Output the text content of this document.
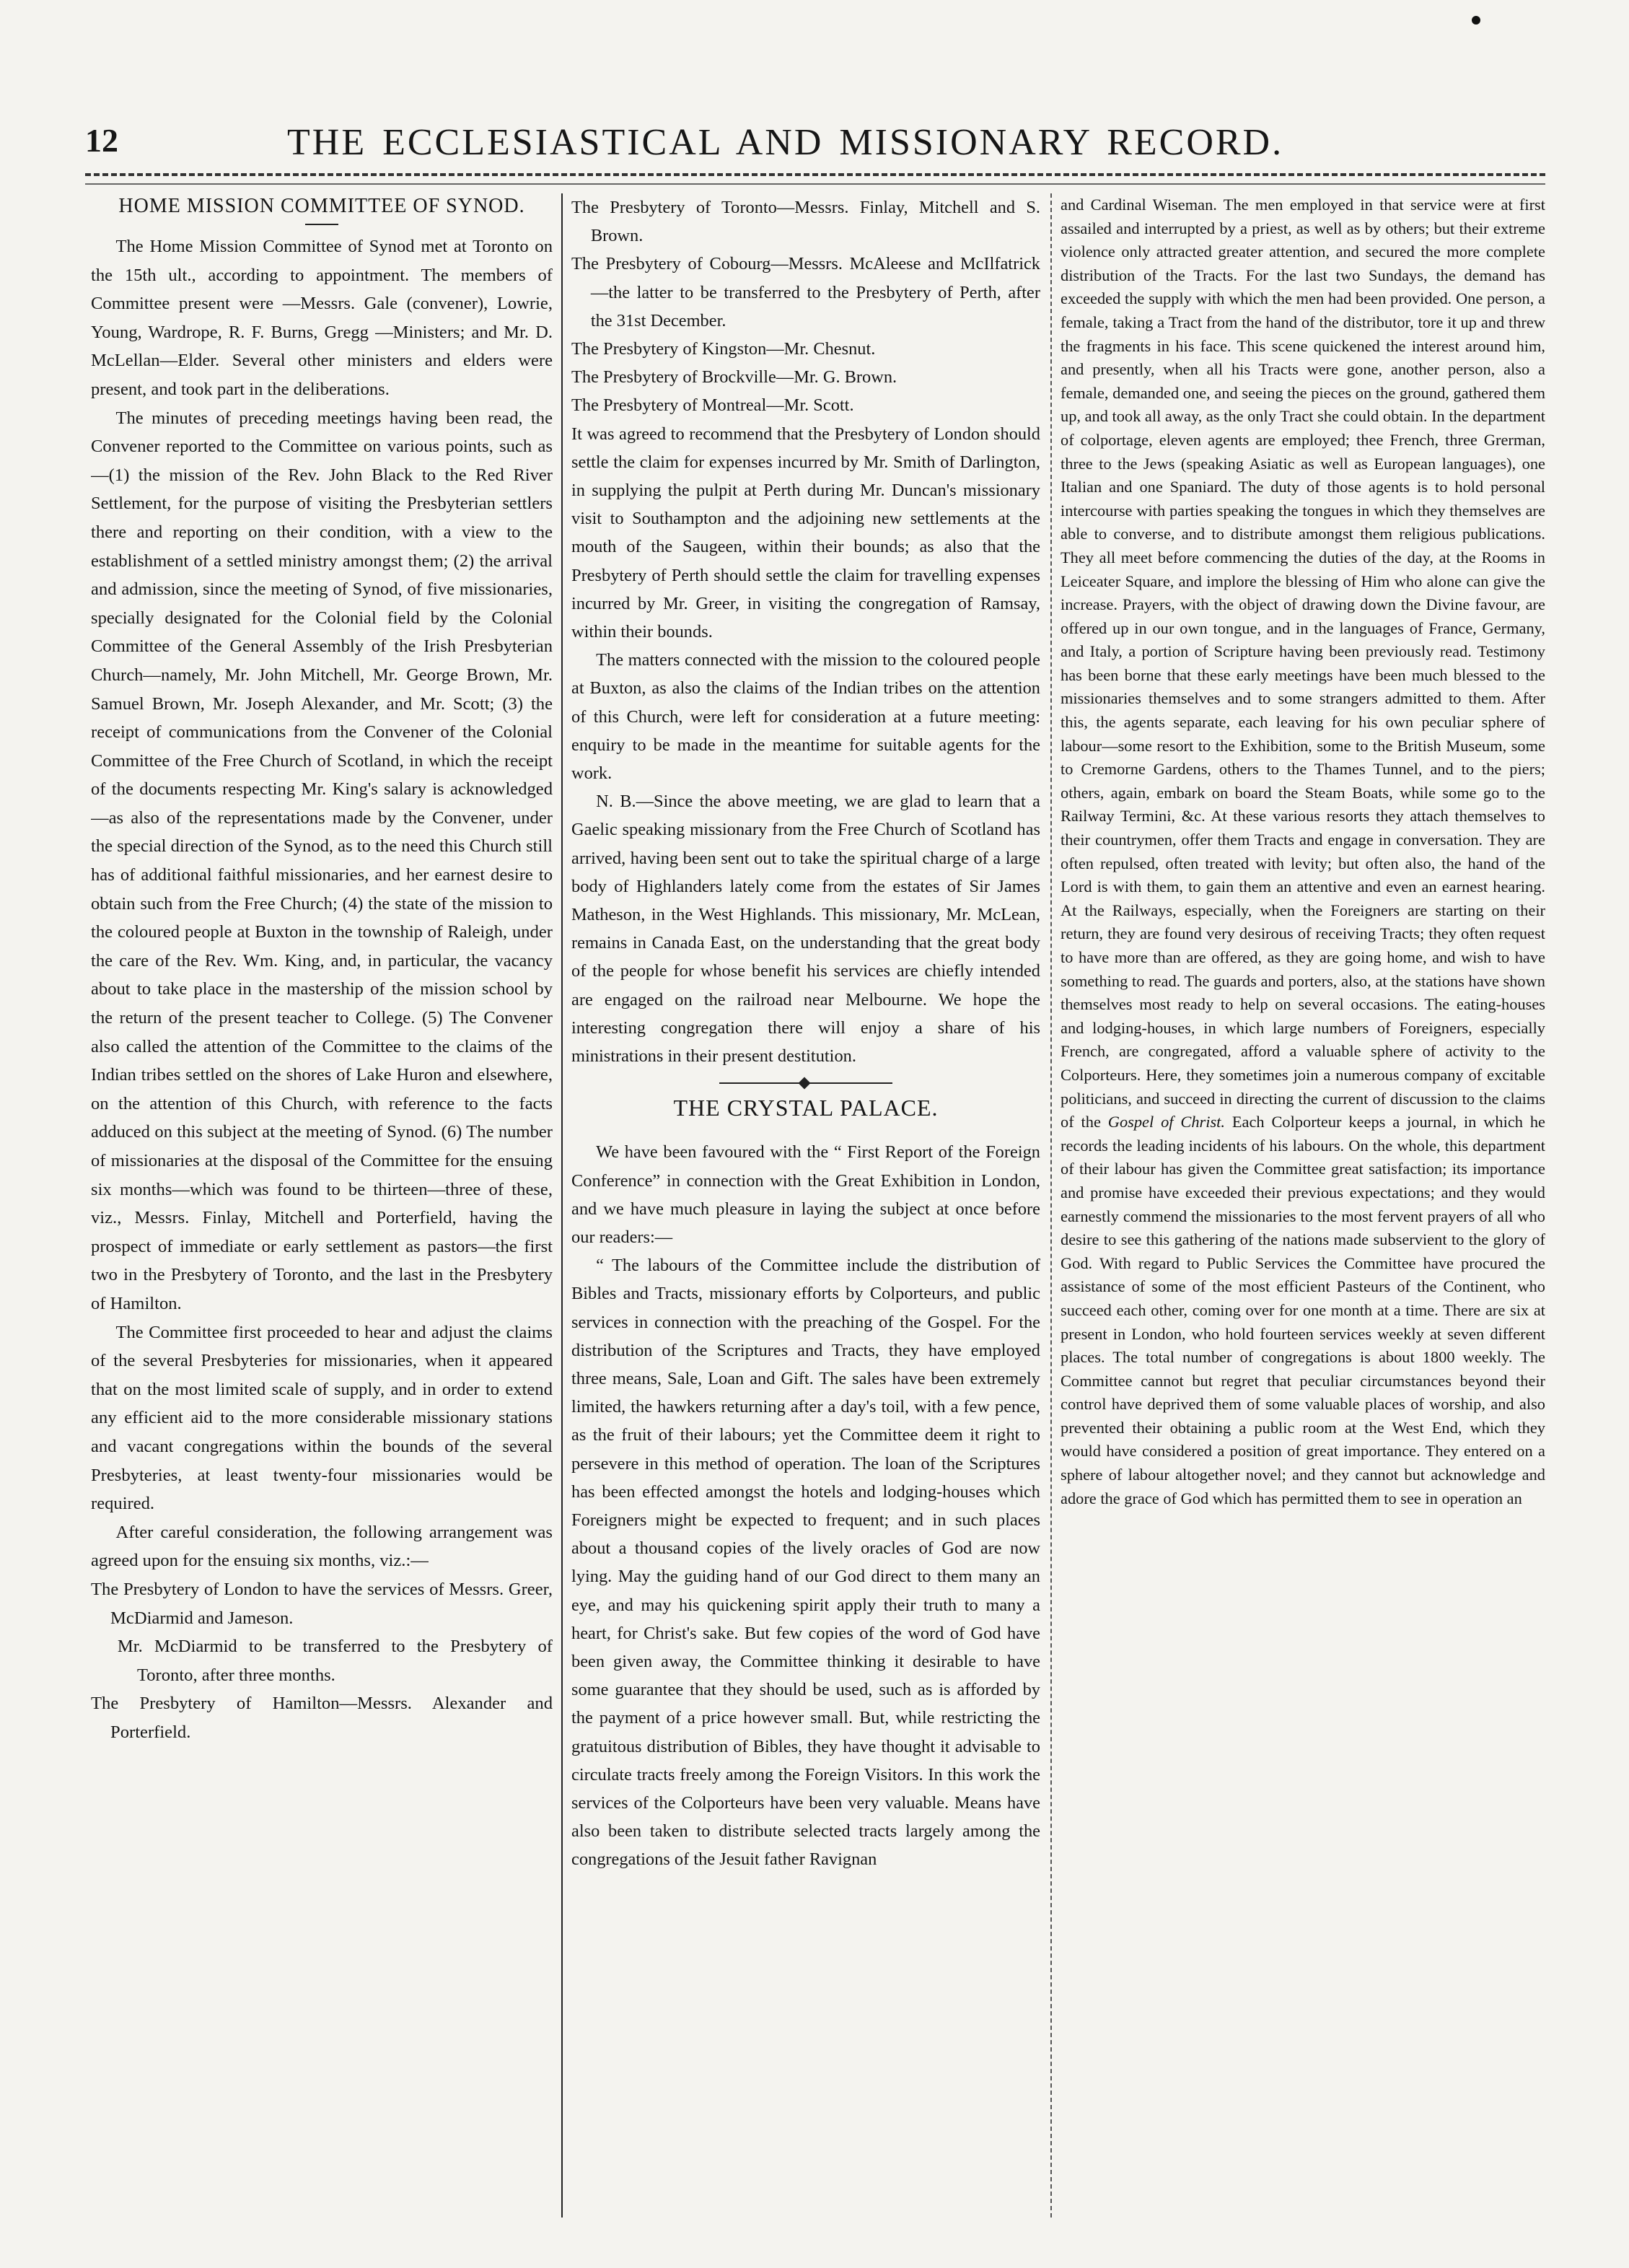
12	THE ECCLESIASTICAL AND MISSIONARY RECORD.
HOME MISSION COMMITTEE OF SYNOD.

The Home Mission Committee of Synod met at Toronto on the 15th ult., according to appointment. The members of Committee present were —Messrs. Gale (convener), Lowrie, Young, Wardrope, R. F. Burns, Gregg —Ministers; and Mr. D. McLellan—Elder. Several other ministers and elders were present, and took part in the deliberations.

The minutes of preceding meetings having been read, the Convener reported to the Committee on various points, such as—(1) the mission of the Rev. John Black to the Red River Settlement, for the purpose of visiting the Presbyterian settlers there and reporting on their condition, with a view to the establishment of a settled ministry amongst them; (2) the arrival and admission, since the meeting of Synod, of five missionaries, specially designated for the Colonial field by the Colonial Committee of the General Assembly of the Irish Presbyterian Church—namely, Mr. John Mitchell, Mr. George Brown, Mr. Samuel Brown, Mr. Joseph Alexander, and Mr. Scott; (3) the receipt of communications from the Convener of the Colonial Committee of the Free Church of Scotland, in which the receipt of the documents respecting Mr. King's salary is acknowledged—as also of the representations made by the Convener, under the special direction of the Synod, as to the need this Church still has of additional faithful missionaries, and her earnest desire to obtain such from the Free Church; (4) the state of the mission to the coloured people at Buxton in the township of Raleigh, under the care of the Rev. Wm. King, and, in particular, the vacancy about to take place in the mastership of the mission school by the return of the present teacher to College. (5) The Convener also called the attention of the Committee to the claims of the Indian tribes settled on the shores of Lake Huron and elsewhere, on the attention of this Church, with reference to the facts adduced on this subject at the meeting of Synod. (6) The number of missionaries at the disposal of the Committee for the ensuing six months—which was found to be thirteen—three of these, viz., Messrs. Finlay, Mitchell and Porterfield, having the prospect of immediate or early settlement as pastors—the first two in the Presbytery of Toronto, and the last in the Presbytery of Hamilton.

The Committee first proceeded to hear and adjust the claims of the several Presbyteries for missionaries, when it appeared that on the most limited scale of supply, and in order to extend any efficient aid to the more considerable missionary stations and vacant congregations within the bounds of the several Presbyteries, at least twenty-four missionaries would be required.

After careful consideration, the following arrangement was agreed upon for the ensuing six months, viz.:—

The Presbytery of London to have the services of Messrs. Greer, McDiarmid and Jameson.

Mr. McDiarmid to be transferred to the Presbytery of Toronto, after three months.

The Presbytery of Hamilton—Messrs. Alexander and Porterfield.

The Presbytery of Toronto—Messrs. Finlay, Mitchell and S. Brown.

The Presbytery of Cobourg—Messrs. McAleese and McIlfatrick—the latter to be transferred to the Presbytery of Perth, after the 31st December.

The Presbytery of Kingston—Mr. Chesnut.

The Presbytery of Brockville—Mr. G. Brown.

The Presbytery of Montreal—Mr. Scott.

It was agreed to recommend that the Presbytery of London should settle the claim for expenses incurred by Mr. Smith of Darlington, in supplying the pulpit at Perth during Mr. Duncan's missionary visit to Southampton and the adjoining new settlements at the mouth of the Saugeen, within their bounds; as also that the Presbytery of Perth should settle the claim for travelling expenses incurred by Mr. Greer, in visiting the congregation of Ramsay, within their bounds.

The matters connected with the mission to the coloured people at Buxton, as also the claims of the Indian tribes on the attention of this Church, were left for consideration at a future meeting: enquiry to be made in the meantime for suitable agents for the work.

N. B.—Since the above meeting, we are glad to learn that a Gaelic speaking missionary from the Free Church of Scotland has arrived, having been sent out to take the spiritual charge of a large body of Highlanders lately come from the estates of Sir James Matheson, in the West Highlands. This missionary, Mr. McLean, remains in Canada East, on the understanding that the great body of the people for whose benefit his services are chiefly intended are engaged on the railroad near Melbourne. We hope the interesting congregation there will enjoy a share of his ministrations in their present destitution.

THE CRYSTAL PALACE.

We have been favoured with the “ First Report of the Foreign Conference” in connection with the Great Exhibition in London, and we have much pleasure in laying the subject at once before our readers:—

“ The labours of the Committee include the distribution of Bibles and Tracts, missionary efforts by Colporteurs, and public services in connection with the preaching of the Gospel. For the distribution of the Scriptures and Tracts, they have employed three means, Sale, Loan and Gift. The sales have been extremely limited, the hawkers returning after a day's toil, with a few pence, as the fruit of their labours; yet the Committee deem it right to persevere in this method of operation. The loan of the Scriptures has been effected amongst the hotels and lodging-houses which Foreigners might be expected to frequent; and in such places about a thousand copies of the lively oracles of God are now lying. May the guiding hand of our God direct to them many an eye, and may his quickening spirit apply their truth to many a heart, for Christ's sake. But few copies of the word of God have been given away, the Committee thinking it desirable to have some guarantee that they should be used, such as is afforded by the payment of a price however small. But, while restricting the gratuitous distribution of Bibles, they have thought it advisable to circulate tracts freely among the Foreign Visitors. In this work the services of the Colporteurs have been very valuable. Means have also been taken to distribute selected tracts largely among the congregations of the Jesuit father Ravignan

and Cardinal Wiseman. The men employed in that service were at first assailed and interrupted by a priest, as well as by others; but their extreme violence only attracted greater attention, and secured the more complete distribution of the Tracts. For the last two Sundays, the demand has exceeded the supply with which the men had been provided. One person, a female, taking a Tract from the hand of the distributor, tore it up and threw the fragments in his face. This scene quickened the interest around him, and presently, when all his Tracts were gone, another person, also a female, demanded one, and seeing the pieces on the ground, gathered them up, and took all away, as the only Tract she could obtain. In the department of colportage, eleven agents are employed; thee French, three Grerman, three to the Jews (speaking Asiatic as well as European languages), one Italian and one Spaniard. The duty of those agents is to hold personal intercourse with parties speaking the tongues in which they themselves are able to converse, and to distribute amongst them religious publications. They all meet before commencing the duties of the day, at the Rooms in Leiceater Square, and implore the blessing of Him who alone can give the increase. Prayers, with the object of drawing down the Divine favour, are offered up in our own tongue, and in the languages of France, Germany, and Italy, a portion of Scripture having been previously read. Testimony has been borne that these early meetings have been much blessed to the missionaries themselves and to some strangers admitted to them. After this, the agents separate, each leaving for his own peculiar sphere of labour—some resort to the Exhibition, some to the British Museum, some to Cremorne Gardens, others to the Thames Tunnel, and to the piers; others, again, embark on board the Steam Boats, while some go to the Railway Termini, &c. At these various resorts they attach themselves to their countrymen, offer them Tracts and engage in conversation. They are often repulsed, often treated with levity; but often also, the hand of the Lord is with them, to gain them an attentive and even an earnest hearing. At the Railways, especially, when the Foreigners are starting on their return, they are found very desirous of receiving Tracts; they often request to have more than are offered, as they are going home, and wish to have something to read. The guards and porters, also, at the stations have shown themselves most ready to help on several occasions. The eating-houses and lodging-houses, in which large numbers of Foreigners, especially French, are congregated, afford a valuable sphere of activity to the Colporteurs. Here, they sometimes join a numerous company of excitable politicians, and succeed in directing the current of discussion to the claims of the Gospel of Christ. Each Colporteur keeps a journal, in which he records the leading incidents of his labours. On the whole, this department of their labour has given the Committee great satisfaction; its importance and promise have exceeded their previous expectations; and they would earnestly commend the missionaries to the most fervent prayers of all who desire to see this gathering of the nations made subservient to the glory of God. With regard to Public Services the Committee have procured the assistance of some of the most efficient Pasteurs of the Continent, who succeed each other, coming over for one month at a time. There are six at present in London, who hold fourteen services weekly at seven different places. The total number of congregations is about 1800 weekly. The Committee cannot but regret that peculiar circumstances beyond their control have deprived them of some valuable places of worship, and also prevented their obtaining a public room at the West End, which they would have considered a position of great importance. They entered on a sphere of labour altogether novel; and they cannot but acknowledge and adore the grace of God which has permitted them to see in operation an
